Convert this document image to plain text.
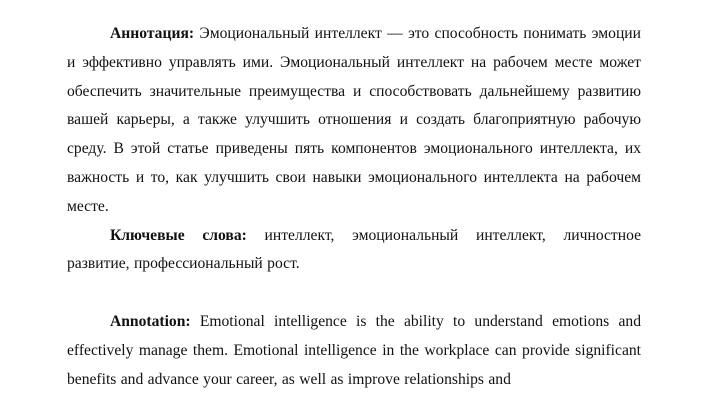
Аннотация: Эмоциональный интеллект — это способность понимать эмоции и эффективно управлять ими. Эмоциональный интеллект на рабочем месте может обеспечить значительные преимущества и способствовать дальнейшему развитию вашей карьеры, а также улучшить отношения и создать благоприятную рабочую среду. В этой статье приведены пять компонентов эмоционального интеллекта, их важность и то, как улучшить свои навыки эмоционального интеллекта на рабочем месте.

Ключевые слова: интеллект, эмоциональный интеллект, личностное развитие, профессиональный рост.

Annotation: Emotional intelligence is the ability to understand emotions and effectively manage them. Emotional intelligence in the workplace can provide significant benefits and advance your career, as well as improve relationships and
